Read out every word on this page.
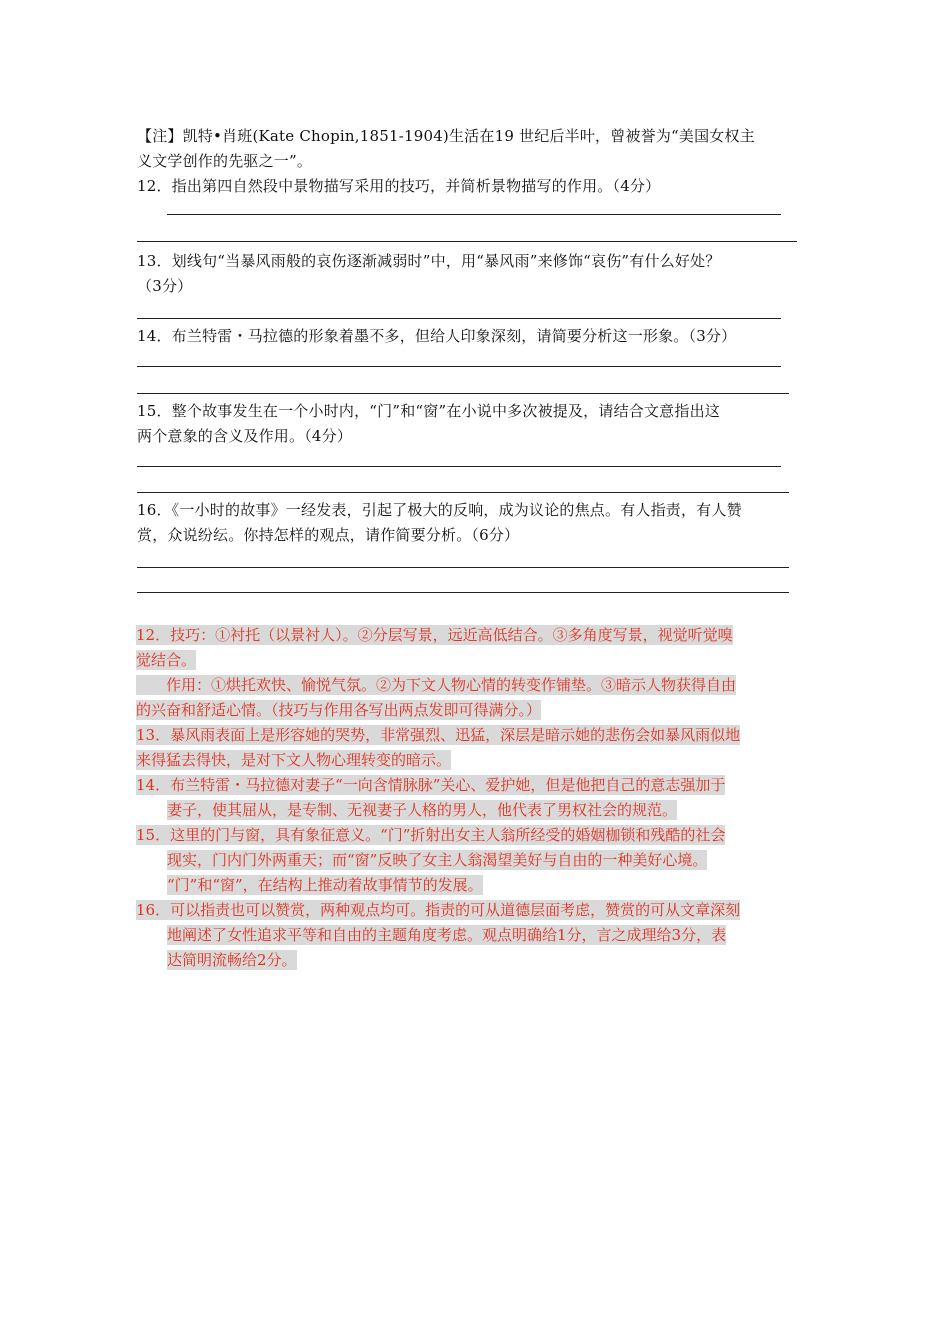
【注】凯特•肖班(Kate Chopin,1851-1904)生活在19 世纪后半叶，曾被誉为“美国女权主
义文学创作的先驱之一”。
12．指出第四自然段中景物描写采用的技巧，并简析景物描写的作用。（4分）
13．划线句“当暴风雨般的哀伤逐渐减弱时”中，用“暴风雨”来修饰“哀伤”有什么好处？
（3分）
14．布兰特雷・马拉德的形象着墨不多，但给人印象深刻，请简要分析这一形象。（3分）
15．整个故事发生在一个小时内，“门”和“窗”在小说中多次被提及，请结合文意指出这
两个意象的含义及作用。（4分）
16．《一小时的故事》一经发表，引起了极大的反响，成为议论的焦点。有人指责，有人赞
赏，众说纷纭。你持怎样的观点，请作简要分析。（6分）
12．技巧：①衬托（以景衬人）。②分层写景，远近高低结合。③多角度写景，视觉听觉嗅
觉结合。
　　作用：①烘托欢快、愉悦气氛。②为下文人物心情的转变作铺垫。③暗示人物获得自由
的兴奋和舒适心情。（技巧与作用各写出两点发即可得满分。）
13．暴风雨表面上是形容她的哭势，非常强烈、迅猛，深层是暗示她的悲伤会如暴风雨似地
来得猛去得快，是对下文人物心理转变的暗示。
14．布兰特雷・马拉德对妻子“一向含情脉脉”关心、爱护她，但是他把自己的意志强加于
妻子，使其屈从，是专制、无视妻子人格的男人，他代表了男权社会的规范。
15．这里的门与窗，具有象征意义。“门”折射出女主人翁所经受的婚姻枷锁和残酷的社会
现实，门内门外两重天；而“窗”反映了女主人翁渴望美好与自由的一种美好心境。
“门”和“窗”，在结构上推动着故事情节的发展。
16．可以指责也可以赞赏，两种观点均可。指责的可从道德层面考虑，赞赏的可从文章深刻
地阐述了女性追求平等和自由的主题角度考虑。观点明确给1分，言之成理给3分，表
达简明流畅给2分。
